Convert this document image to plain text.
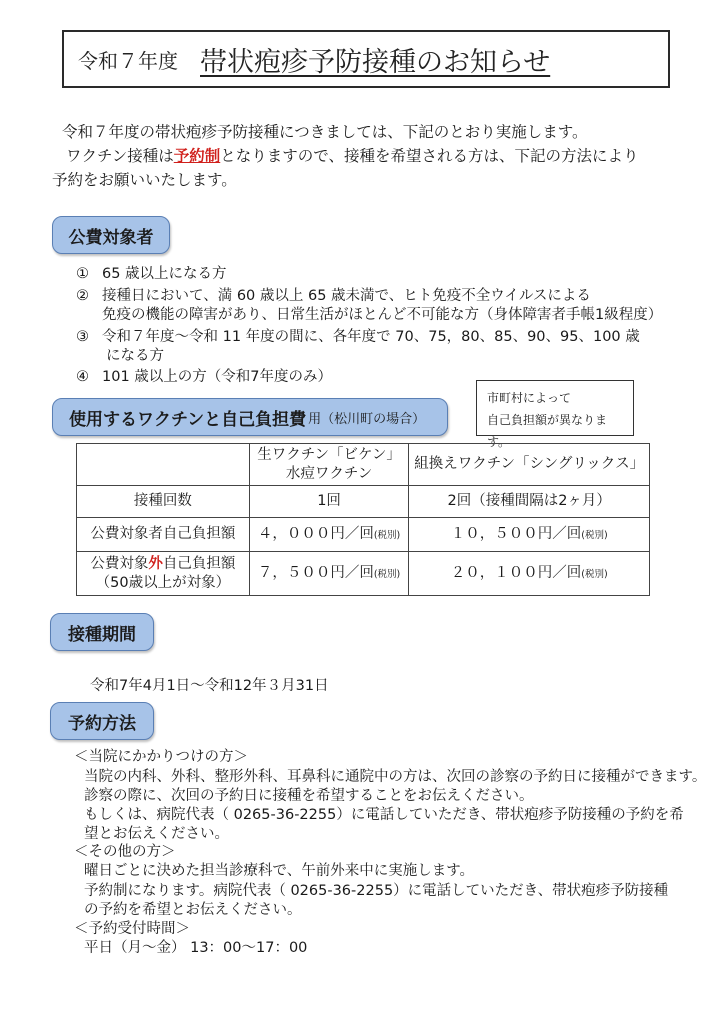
令和７年度 帯状疱疹予防接種のお知らせ
令和７年度の帯状疱疹予防接種につきましては、下記のとおり実施します。
ワクチン接種は予約制となりますので、接種を希望される方は、下記の方法により
予約をお願いいたします。
公費対象者
① 65 歳以上になる方
② 接種日において、満 60 歳以上 65 歳未満で、ヒト免疫不全ウイルスによる
免疫の機能の障害があり、日常生活がほとんど不可能な方（身体障害者手帳1級程度）
③ 令和７年度～令和 11 年度の間に、各年度で 70、75，80、85、90、95、100 歳
になる方
④ 101 歳以上の方（令和7年度のみ）
市町村によって
自己負担額が異なります。
使用するワクチンと自己負担費 用（松川町の場合）

	生ワクチン「ビケン」
水痘ワクチン	組換えワクチン「シングリックス」
接種回数	1回	2回（接種間隔は2ヶ月）
公費対象者自己負担額	４，０００円／回(税別)	１０，５００円／回(税別)

公費対象外自己負担額
（50歳以上が対象）	７，５００円／回(税別)	２０，１００円／回(税別)
接種期間
令和7年4月1日～令和12年３月31日
予約方法
＜当院にかかりつけの方＞
当院の内科、外科、整形外科、耳鼻科に通院中の方は、次回の診察の予約日に接種ができます。
診察の際に、次回の予約日に接種を希望することをお伝えください。
もしくは、病院代表（ 0265-36-2255）に電話していただき、帯状疱疹予防接種の予約を希
望とお伝えください。
＜その他の方＞
曜日ごとに決めた担当診療科で、午前外来中に実施します。
予約制になります。病院代表（ 0265-36-2255）に電話していただき、帯状疱疹予防接種
の予約を希望とお伝えください。
＜予約受付時間＞
平日（月～金） 13：00～17：00
